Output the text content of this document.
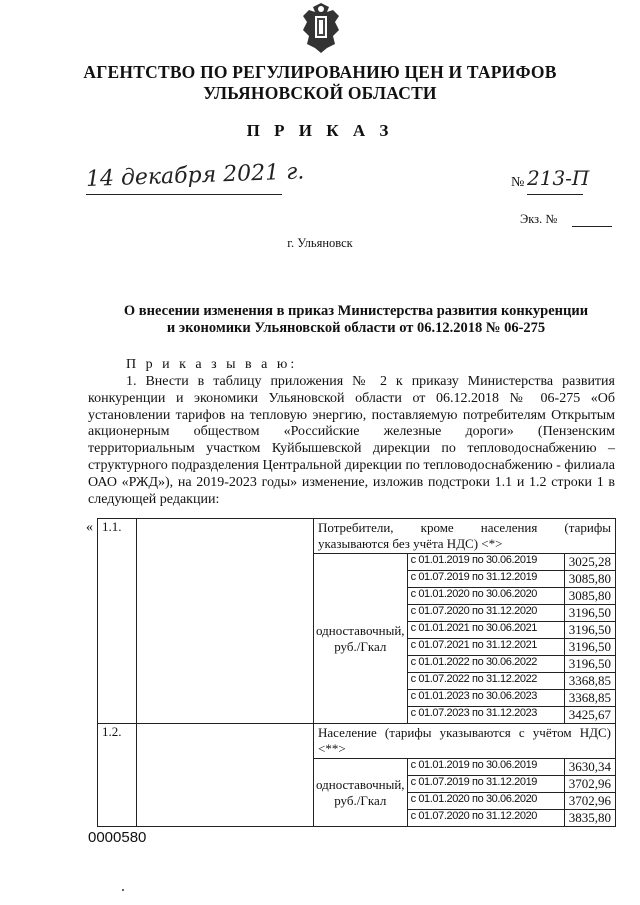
АГЕНТСТВО ПО РЕГУЛИРОВАНИЮ ЦЕН И ТАРИФОВ
УЛЬЯНОВСКОЙ ОБЛАСТИ
П Р И К А З
14 декабря 2021 г.	№ 213-П
Экз. №
г. Ульяновск
О внесении изменения в приказ Министерства развития конкуренции
и экономики Ульяновской области от 06.12.2018 № 06-275
П р и к а з ы в а ю:

1. Внести в таблицу приложения № 2 к приказу Министерства развития конкуренции и экономики Ульяновской области от 06.12.2018 № 06-275 «Об установлении тарифов на тепловую энергию, поставляемую потребителям Открытым акционерным обществом «Российские железные дороги» (Пензенским территориальным участком Куйбышевской дирекции по тепловодоснабжению – структурного подразделения Центральной дирекции по тепловодоснабжению - филиала ОАО «РЖД»), на 2019-2023 годы» изменение, изложив подстроки 1.1 и 1.2 строки 1 в следующей редакции:

« 1.1.		Потребители, кроме населения (тарифы указываются без учёта НДС) <*>		
		одноставочный, руб./Гкал	с 01.01.2019 по 30.06.2019	3025,28
			с 01.07.2019 по 31.12.2019	3085,80
			с 01.01.2020 по 30.06.2020	3085,80
			с 01.07.2020 по 31.12.2020	3196,50
			с 01.01.2021 по 30.06.2021	3196,50
			с 01.07.2021 по 31.12.2021	3196,50
			с 01.01.2022 по 30.06.2022	3196,50
			с 01.07.2022 по 31.12.2022	3368,85
			с 01.01.2023 по 30.06.2023	3368,85
			с 01.07.2023 по 31.12.2023	3425,67
1.2.		Население (тарифы указываются с учётом НДС) <**>		
		одноставочный, руб./Гкал	с 01.01.2019 по 30.06.2019	3630,34
			с 01.07.2019 по 31.12.2019	3702,96
			с 01.01.2020 по 30.06.2020	3702,96
			с 01.07.2020 по 31.12.2020	3835,80
0000580
